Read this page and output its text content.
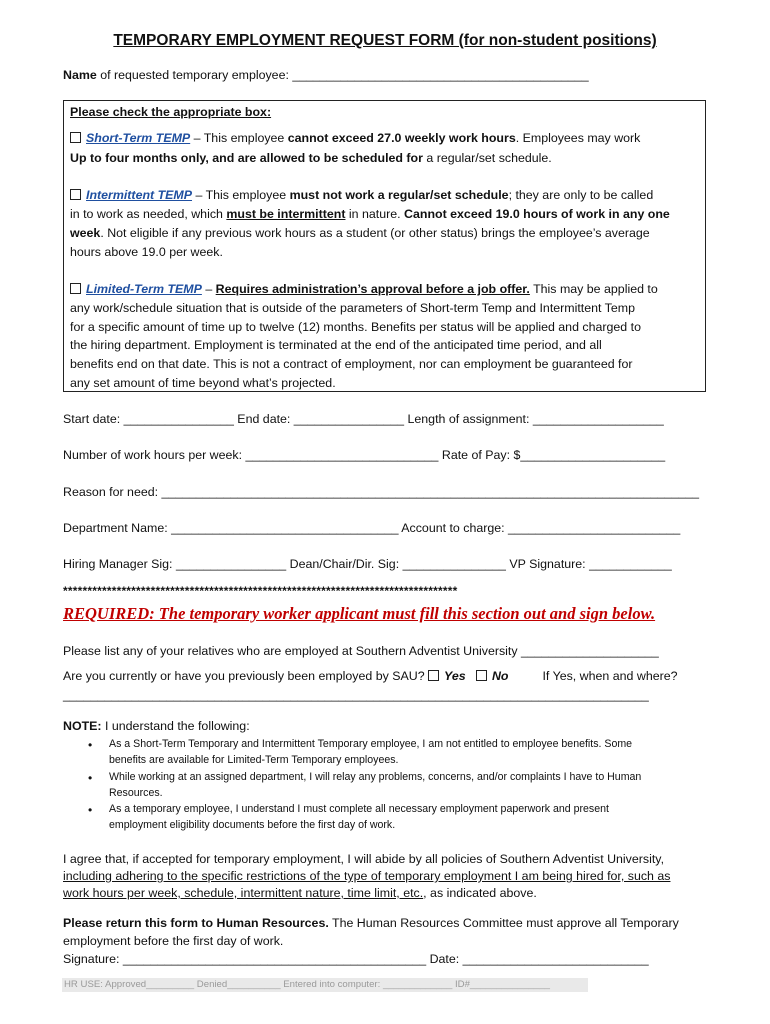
TEMPORARY EMPLOYMENT REQUEST FORM (for non-student positions)
Name of requested temporary employee: ___________________________________________
Please check the appropriate box:
Short-Term TEMP – This employee cannot exceed 27.0 weekly work hours. Employees may work
Up to four months only, and are allowed to be scheduled for a regular/set schedule.
Intermittent TEMP – This employee must not work a regular/set schedule; they are only to be called
in to work as needed, which must be intermittent in nature. Cannot exceed 19.0 hours of work in any one
week. Not eligible if any previous work hours as a student (or other status) brings the employee’s average
hours above 19.0 per week.
Limited-Term TEMP – Requires administration’s approval before a job offer. This may be applied to
any work/schedule situation that is outside of the parameters of Short-term Temp and Intermittent Temp
for a specific amount of time up to twelve (12) months. Benefits per status will be applied and charged to
the hiring department. Employment is terminated at the end of the anticipated time period, and all
benefits end on that date. This is not a contract of employment, nor can employment be guaranteed for
any set amount of time beyond what’s projected.
Start date: ________________ End date: ________________ Length of assignment: ___________________
Number of work hours per week: ____________________________ Rate of Pay: $_____________________
Reason for need: ______________________________________________________________________________
Department Name: _________________________________ Account to charge: _________________________
Hiring Manager Sig: ________________ Dean/Chair/Dir. Sig: _______________ VP Signature: ____________
*********************************************************************************
REQUIRED: The temporary worker applicant must fill this section out and sign below.
Please list any of your relatives who are employed at Southern Adventist University ____________________
Are you currently or have you previously been employed by SAU? Yes No	If Yes, when and where?
_____________________________________________________________________________________
NOTE: I understand the following:
• As a Short-Term Temporary and Intermittent Temporary employee, I am not entitled to employee benefits. Some
benefits are available for Limited-Term Temporary employees.
• While working at an assigned department, I will relay any problems, concerns, and/or complaints I have to Human
Resources.
• As a temporary employee, I understand I must complete all necessary employment paperwork and present
employment eligibility documents before the first day of work.
I agree that, if accepted for temporary employment, I will abide by all policies of Southern Adventist University,
including adhering to the specific restrictions of the type of temporary employment I am being hired for, such as
work hours per week, schedule, intermittent nature, time limit, etc., as indicated above.
Please return this form to Human Resources. The Human Resources Committee must approve all Temporary
employment before the first day of work.
Signature: ____________________________________________ Date: ___________________________
HR USE: Approved_________ Denied__________ Entered into computer: _____________ ID#_______________
